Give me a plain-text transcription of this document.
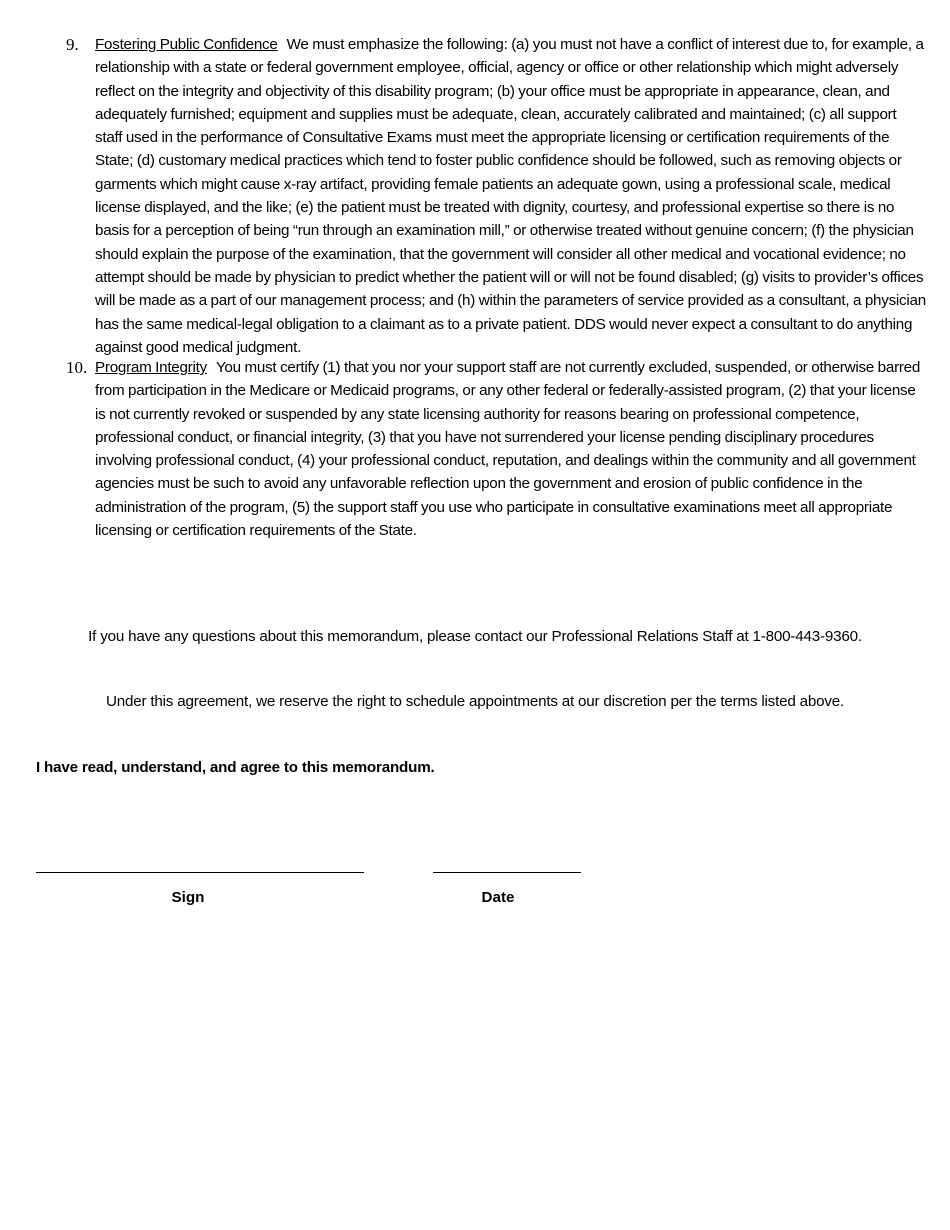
9. Fostering Public Confidence We must emphasize the following: (a) you must not have a conflict of interest due to, for example, a relationship with a state or federal government employee, official, agency or office or other relationship which might adversely reflect on the integrity and objectivity of this disability program; (b) your office must be appropriate in appearance, clean, and adequately furnished; equipment and supplies must be adequate, clean, accurately calibrated and maintained; (c) all support staff used in the performance of Consultative Exams must meet the appropriate licensing or certification requirements of the State; (d) customary medical practices which tend to foster public confidence should be followed, such as removing objects or garments which might cause x-ray artifact, providing female patients an adequate gown, using a professional scale, medical license displayed, and the like; (e) the patient must be treated with dignity, courtesy, and professional expertise so there is no basis for a perception of being “run through an examination mill,” or otherwise treated without genuine concern; (f) the physician should explain the purpose of the examination, that the government will consider all other medical and vocational evidence; no attempt should be made by physician to predict whether the patient will or will not be found disabled; (g) visits to provider’s offices will be made as a part of our management process; and (h) within the parameters of service provided as a consultant, a physician has the same medical-legal obligation to a claimant as to a private patient. DDS would never expect a consultant to do anything against good medical judgment.
10. Program Integrity You must certify (1) that you nor your support staff are not currently excluded, suspended, or otherwise barred from participation in the Medicare or Medicaid programs, or any other federal or federally-assisted program, (2) that your license is not currently revoked or suspended by any state licensing authority for reasons bearing on professional competence, professional conduct, or financial integrity, (3) that you have not surrendered your license pending disciplinary procedures involving professional conduct, (4) your professional conduct, reputation, and dealings within the community and all government agencies must be such to avoid any unfavorable reflection upon the government and erosion of public confidence in the administration of the program, (5) the support staff you use who participate in consultative examinations meet all appropriate licensing or certification requirements of the State.
If you have any questions about this memorandum, please contact our Professional Relations Staff at 1-800-443-9360.
Under this agreement, we reserve the right to schedule appointments at our discretion per the terms listed above.
I have read, understand, and agree to this memorandum.
Sign	Date
